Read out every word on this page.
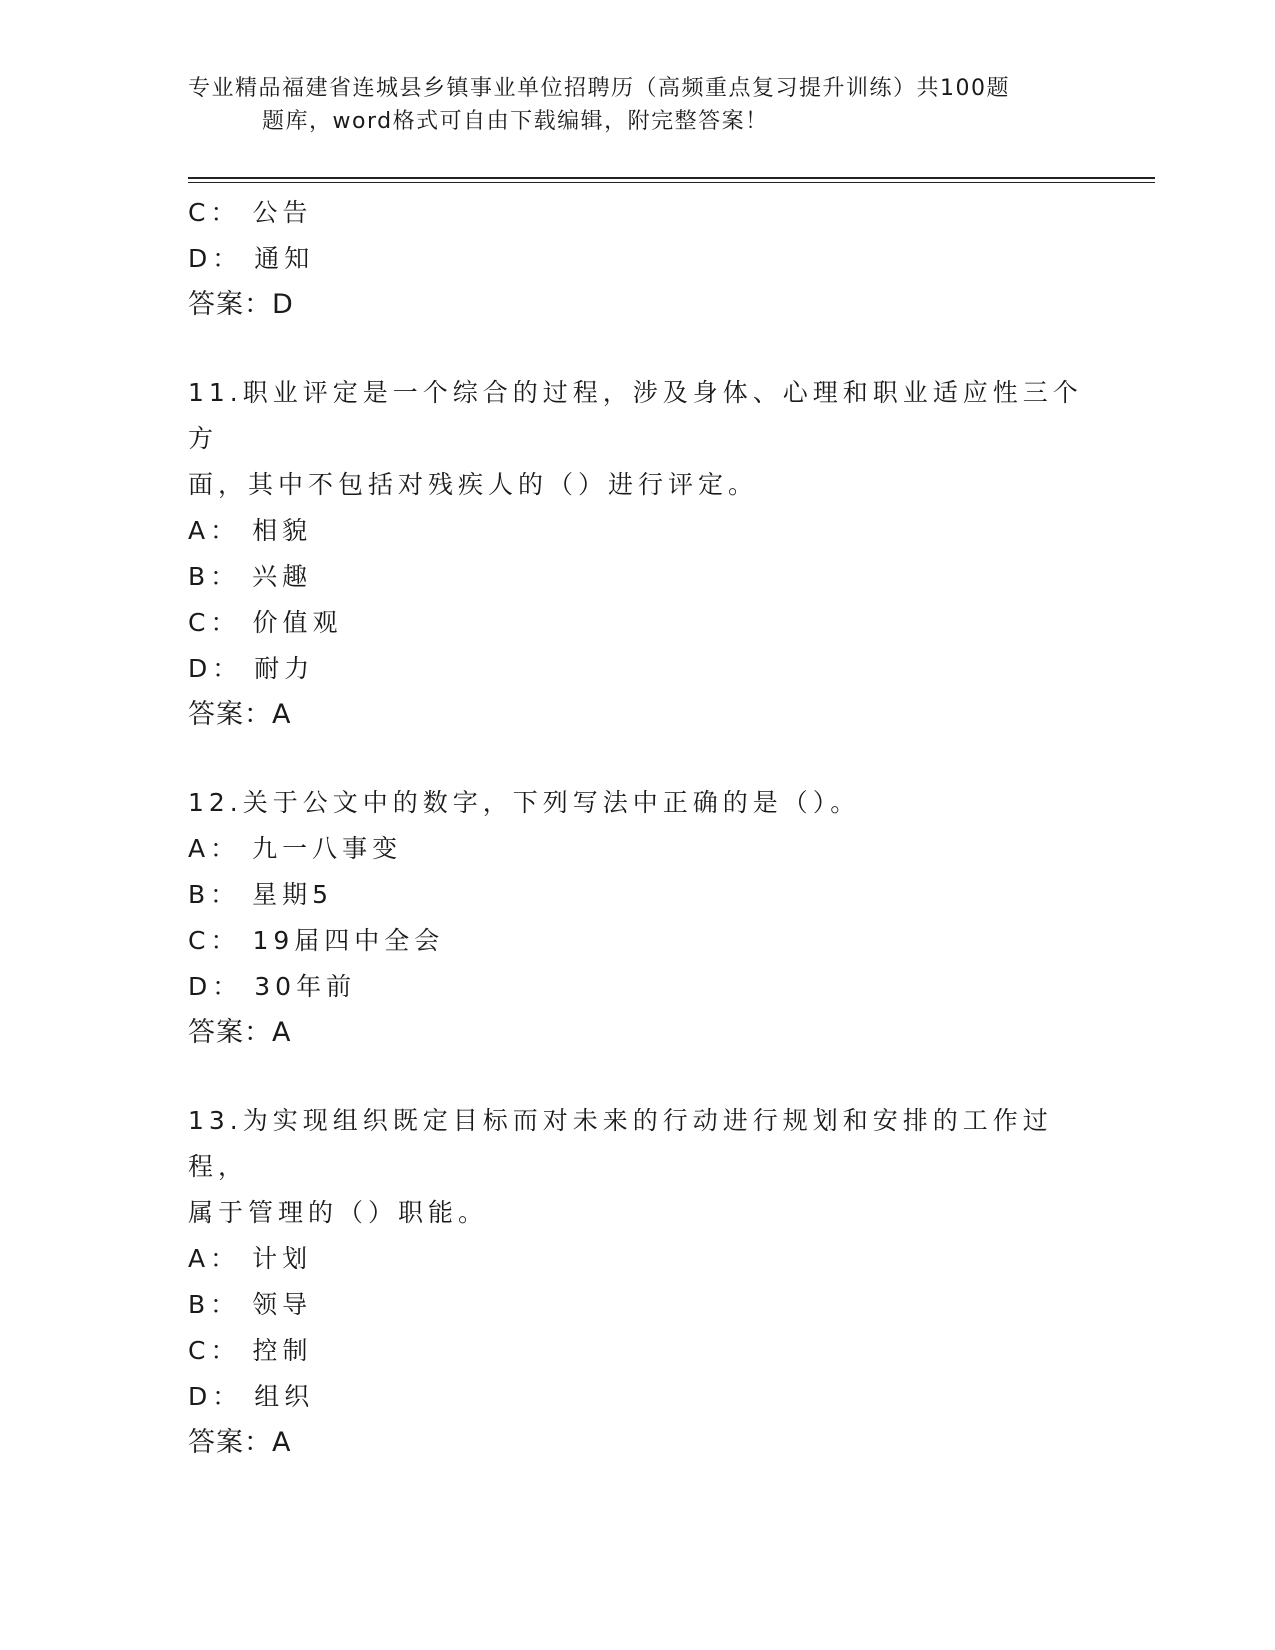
专业精品福建省连城县乡镇事业单位招聘历（高频重点复习提升训练）共100题
题库，word格式可自由下载编辑，附完整答案！
C： 公告
D： 通知
答案：D
11.职业评定是一个综合的过程，涉及身体、心理和职业适应性三个方
面，其中不包括对残疾人的（）进行评定。
A： 相貌
B： 兴趣
C： 价值观
D： 耐力
答案：A
12.关于公文中的数字，下列写法中正确的是（）。
A： 九一八事变
B： 星期5
C： 19届四中全会
D： 30年前
答案：A
13.为实现组织既定目标而对未来的行动进行规划和安排的工作过程，
属于管理的（）职能。
A： 计划
B： 领导
C： 控制
D： 组织
答案：A
